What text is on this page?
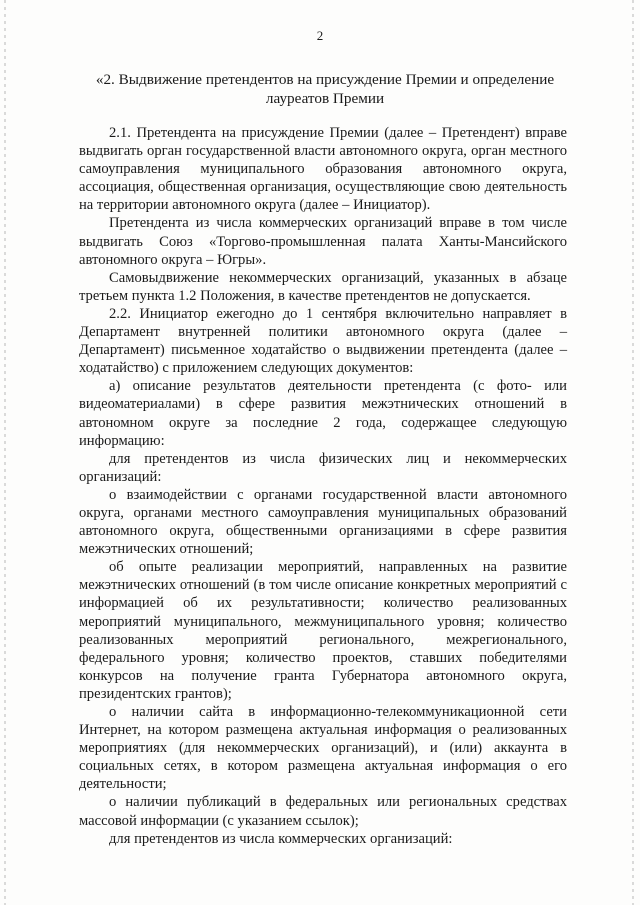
2
«2. Выдвижение претендентов на присуждение Премии и определение лауреатов Премии

2.1. Претендента на присуждение Премии (далее – Претендент) вправе выдвигать орган государственной власти автономного округа, орган местного самоуправления муниципального образования автономного округа, ассоциация, общественная организация, осуществляющие свою деятельность на территории автономного округа (далее – Инициатор).

Претендента из числа коммерческих организаций вправе в том числе выдвигать Союз «Торгово-промышленная палата Ханты-Мансийского автономного округа – Югры».

Самовыдвижение некоммерческих организаций, указанных в абзаце третьем пункта 1.2 Положения, в качестве претендентов не допускается.

2.2. Инициатор ежегодно до 1 сентября включительно направляет в Департамент внутренней политики автономного округа (далее – Департамент) письменное ходатайство о выдвижении претендента (далее – ходатайство) с приложением следующих документов:

а) описание результатов деятельности претендента (с фото- или видеоматериалами) в сфере развития межэтнических отношений в автономном округе за последние 2 года, содержащее следующую информацию:

для претендентов из числа физических лиц и некоммерческих организаций:

о взаимодействии с органами государственной власти автономного округа, органами местного самоуправления муниципальных образований автономного округа, общественными организациями в сфере развития межэтнических отношений;

об опыте реализации мероприятий, направленных на развитие межэтнических отношений (в том числе описание конкретных мероприятий с информацией об их результативности; количество реализованных мероприятий муниципального, межмуниципального уровня; количество реализованных мероприятий регионального, межрегионального, федерального уровня; количество проектов, ставших победителями конкурсов на получение гранта Губернатора автономного округа, президентских грантов);

о наличии сайта в информационно-телекоммуникационной сети Интернет, на котором размещена актуальная информация о реализованных мероприятиях (для некоммерческих организаций), и (или) аккаунта в социальных сетях, в котором размещена актуальная информация о его деятельности;

о наличии публикаций в федеральных или региональных средствах массовой информации (с указанием ссылок);

для претендентов из числа коммерческих организаций:
